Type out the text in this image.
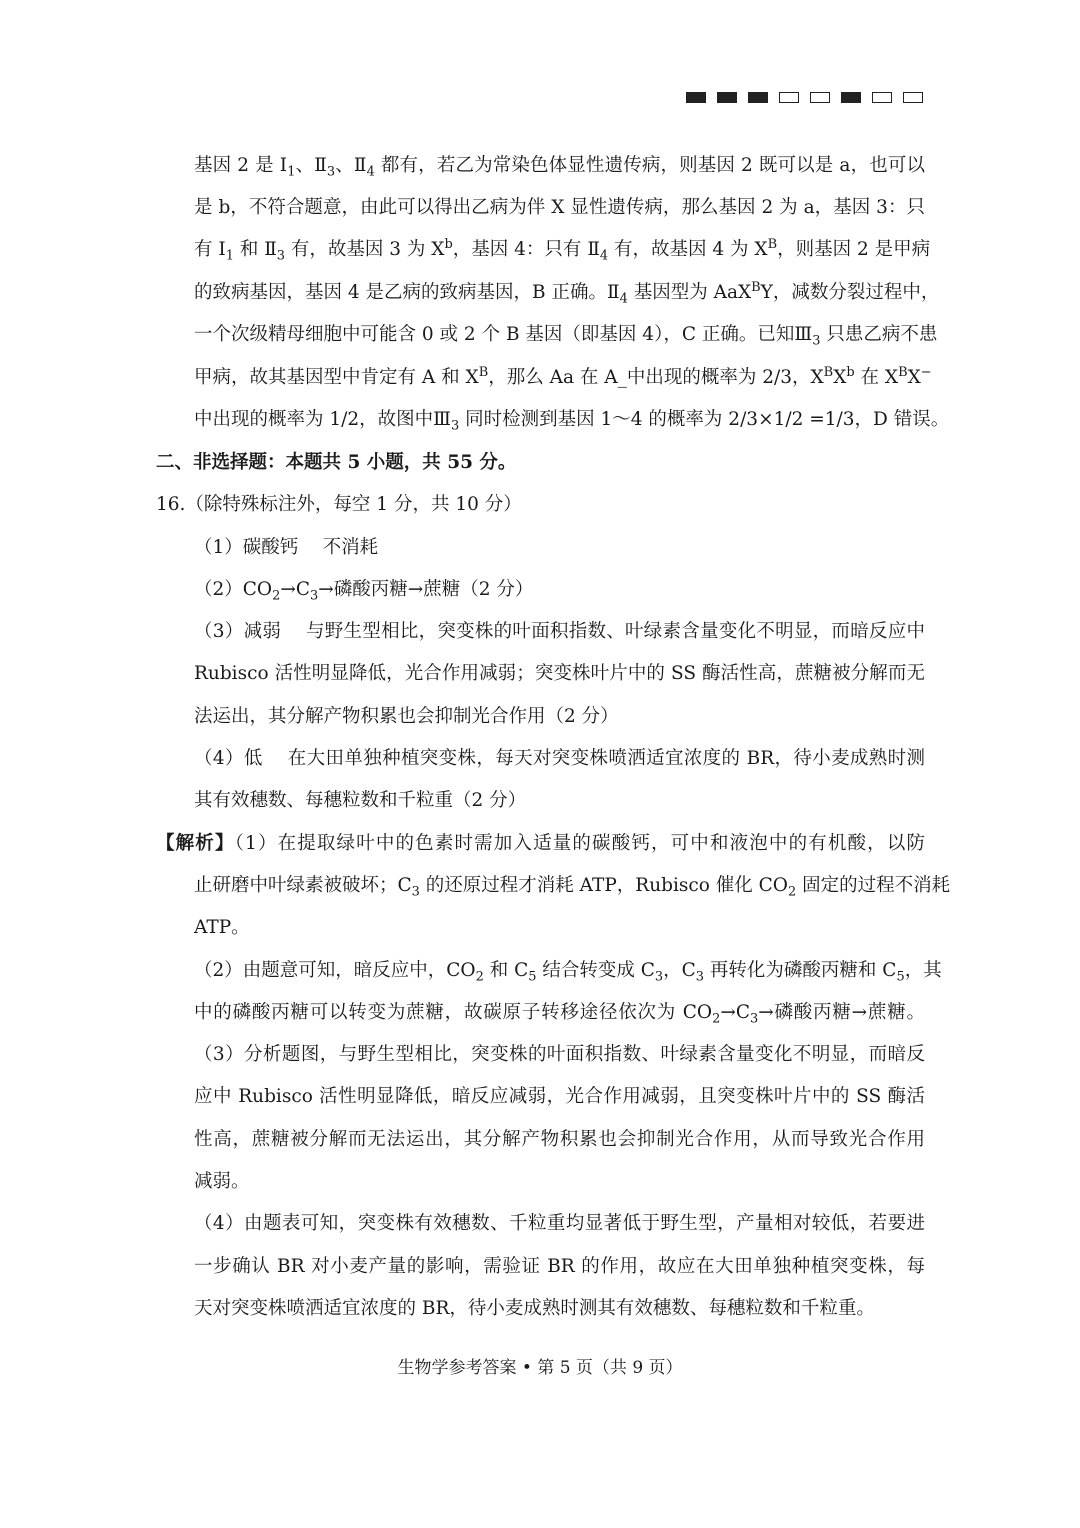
基因 2 是 $Ⅰ_1$、$Ⅱ_3$、$Ⅱ_4$ 都有，若乙为常染色体显性遗传病，则基因 2 既可以是 a，也可以
是 b，不符合题意，由此可以得出乙病为伴 X 显性遗传病，那么基因 2 为 a，基因 3：只
有 $Ⅰ_1$ 和 $Ⅱ_3$ 有，故基因 3 为 $X^b$，基因 4：只有 $Ⅱ_4$ 有，故基因 4 为 $X^B$，则基因 2 是甲病
的致病基因，基因 4 是乙病的致病基因，B 正确。$Ⅱ_4$ 基因型为 AaX$^B$Y，减数分裂过程中，
一个次级精母细胞中可能含 0 或 2 个 B 基因（即基因 4），C 正确。已知$Ⅲ_3$ 只患乙病不患
甲病，故其基因型中肯定有 A 和 $X^B$，那么 Aa 在 A_中出现的概率为 2/3，$X^BX^b$ 在 $X^BX^-$
中出现的概率为 1/2，故图中$Ⅲ_3$ 同时检测到基因 1～4 的概率为 2/3×1/2 =1/3，D 错误。
二、非选择题：本题共 5 小题，共 55 分。
16.（除特殊标注外，每空 1 分，共 10 分）
（1）碳酸钙　 不消耗
$(2)CO_2\to C_3\to$磷酸丙糖→蔗糖（2 分）
（3）减弱　 与野生型相比，突变株的叶面积指数、叶绿素含量变化不明显，而暗反应中
Rubisco 活性明显降低，光合作用减弱；突变株叶片中的 SS 酶活性高，蔗糖被分解而无
法运出，其分解产物积累也会抑制光合作用（2 分）
（4）低　 在大田单独种植突变株，每天对突变株喷洒适宜浓度的 BR，待小麦成熟时测
其有效穗数、每穗粒数和千粒重（2 分）
【解析】（1）在提取绿叶中的色素时需加入适量的碳酸钙，可中和液泡中的有机酸，以防
止研磨中叶绿素被破坏；$C_3$ 的还原过程才消耗 ATP，Rubisco 催化 $CO_2$ 固定的过程不消耗
ATP。
（2）由题意可知，暗反应中，$CO_2$ 和 $C_5$ 结合转变成 $C_3$，$C_3$ 再转化为磷酸丙糖和 $C_5$，其
中的磷酸丙糖可以转变为蔗糖，故碳原子转移途径依次为 $CO_2\to C_3\to$磷酸丙糖→蔗糖。
（3）分析题图，与野生型相比，突变株的叶面积指数、叶绿素含量变化不明显，而暗反
应中 Rubisco 活性明显降低，暗反应减弱，光合作用减弱，且突变株叶片中的 SS 酶活
性高，蔗糖被分解而无法运出，其分解产物积累也会抑制光合作用，从而导致光合作用
减弱。
（4）由题表可知，突变株有效穗数、千粒重均显著低于野生型，产量相对较低，若要进
一步确认 BR 对小麦产量的影响，需验证 BR 的作用，故应在大田单独种植突变株，每
天对突变株喷洒适宜浓度的 BR，待小麦成熟时测其有效穗数、每穗粒数和千粒重。
生物学参考答案 • 第 5 页（共 9 页）
